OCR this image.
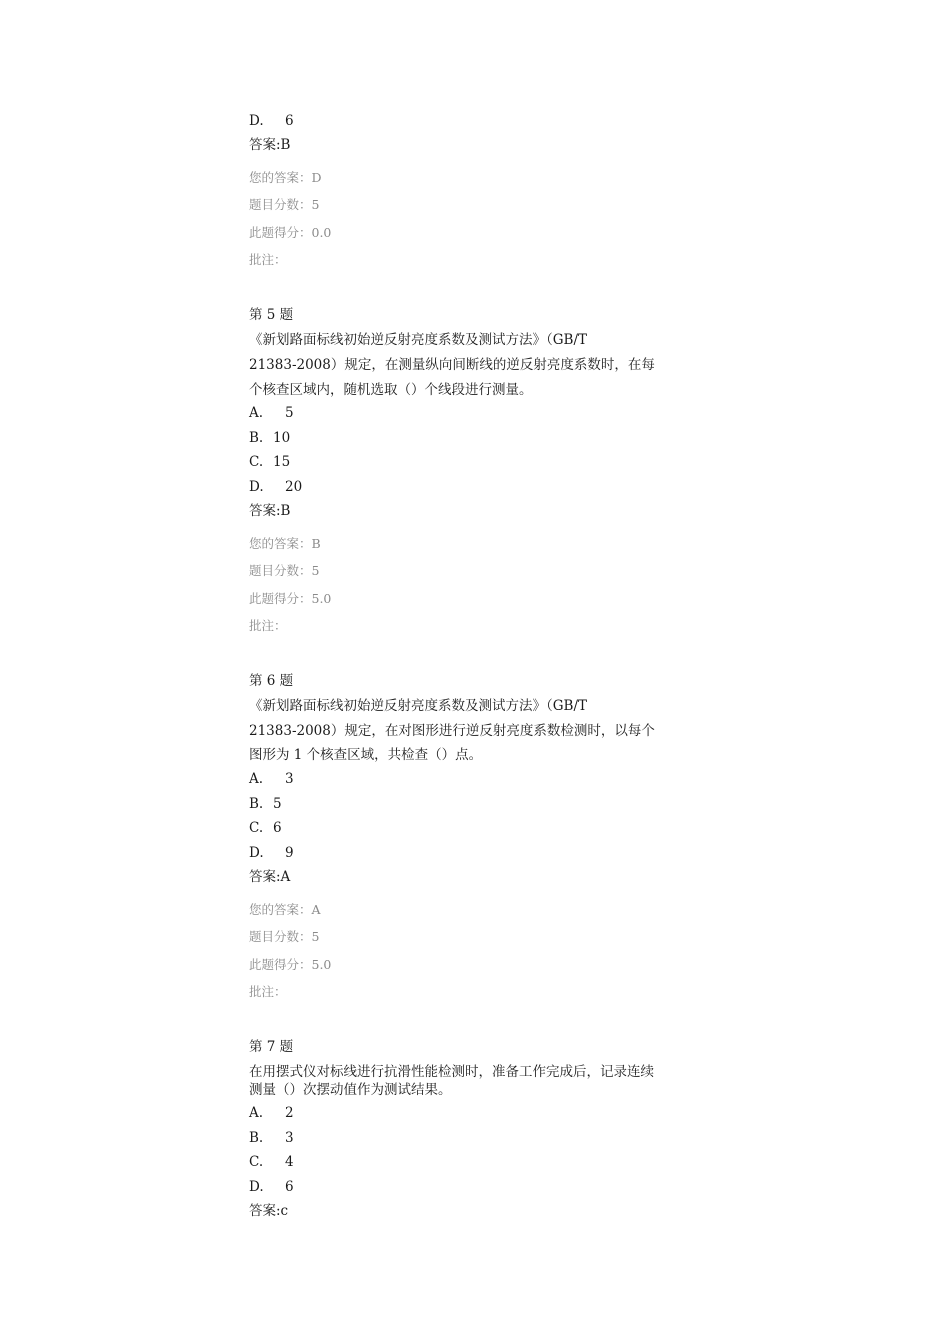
D. 6
答案:B
您的答案：D
题目分数：5
此题得分：0.0
批注：
第 5 题
《新划路面标线初始逆反射亮度系数及测试方法》（GB/T
21383-2008）规定，在测量纵向间断线的逆反射亮度系数时，在每
个核查区域内，随机选取（）个线段进行测量。
A. 5
B. 10
C. 15
D. 20
答案:B
您的答案：B
题目分数：5
此题得分：5.0
批注：
第 6 题
《新划路面标线初始逆反射亮度系数及测试方法》（GB/T
21383-2008）规定，在对图形进行逆反射亮度系数检测时，以每个
图形为 1 个核查区域，共检查（）点。
A. 3
B. 5
C. 6
D. 9
答案:A
您的答案：A
题目分数：5
此题得分：5.0
批注：
第 7 题
在用摆式仪对标线进行抗滑性能检测时，准备工作完成后，记录连续
测量（）次摆动值作为测试结果。
A. 2
B. 3
C. 4
D. 6
答案:c
